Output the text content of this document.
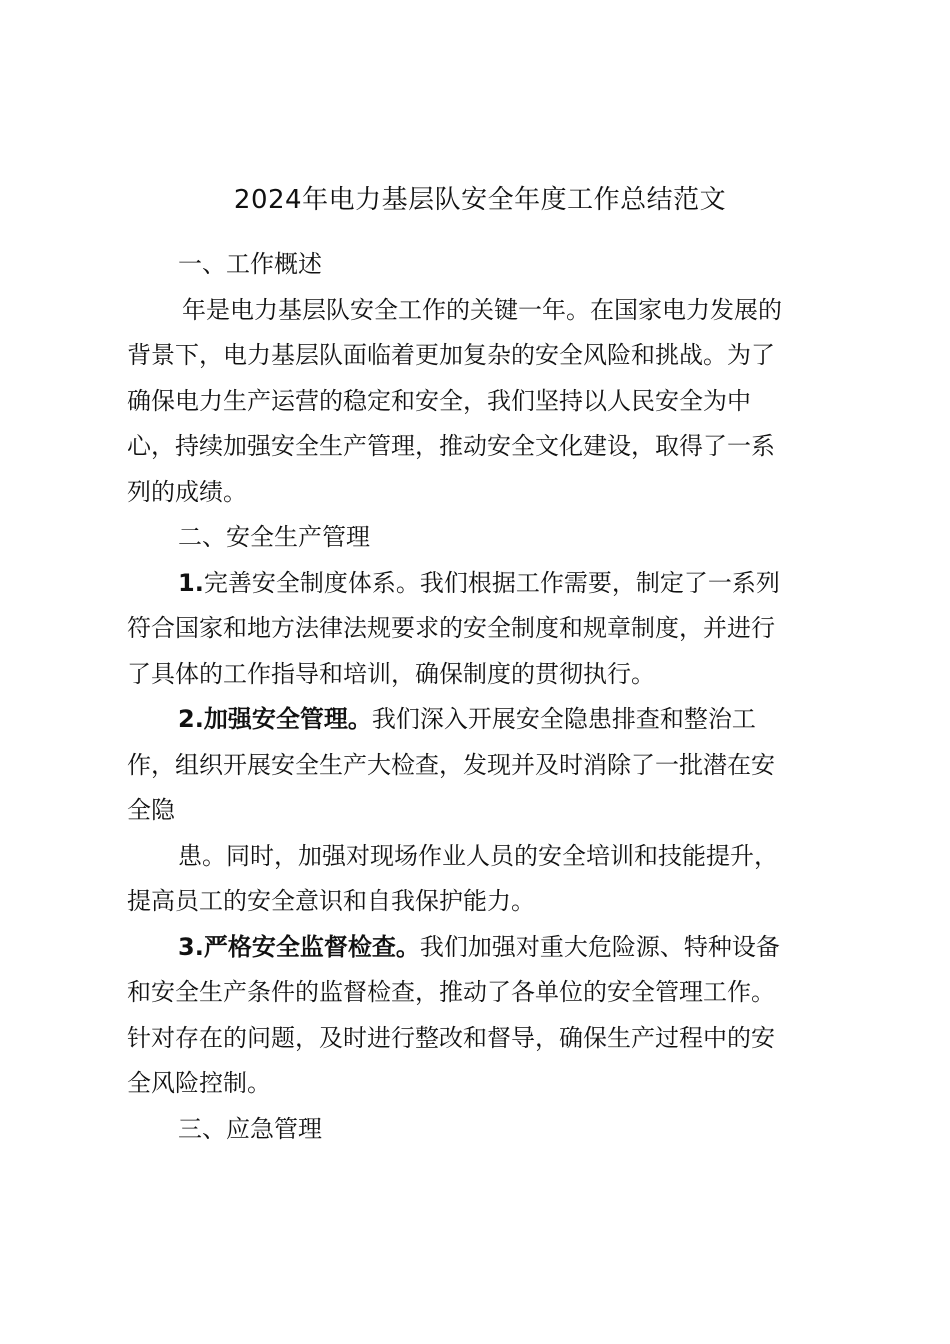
2024年电力基层队安全年度工作总结范文
一、工作概述
年是电力基层队安全工作的关键一年。在国家电力发展的
背景下，电力基层队面临着更加复杂的安全风险和挑战。为了
确保电力生产运营的稳定和安全，我们坚持以人民安全为中
心，持续加强安全生产管理，推动安全文化建设，取得了一系
列的成绩。
二、安全生产管理
1.完善安全制度体系。我们根据工作需要，制定了一系列
符合国家和地方法律法规要求的安全制度和规章制度，并进行
了具体的工作指导和培训，确保制度的贯彻执行。
2.加强安全管理。我们深入开展安全隐患排查和整治工
作，组织开展安全生产大检查，发现并及时消除了一批潜在安
全隐
患。同时，加强对现场作业人员的安全培训和技能提升，
提高员工的安全意识和自我保护能力。
3.严格安全监督检查。我们加强对重大危险源、特种设备
和安全生产条件的监督检查，推动了各单位的安全管理工作。
针对存在的问题，及时进行整改和督导，确保生产过程中的安
全风险控制。
三、应急管理
